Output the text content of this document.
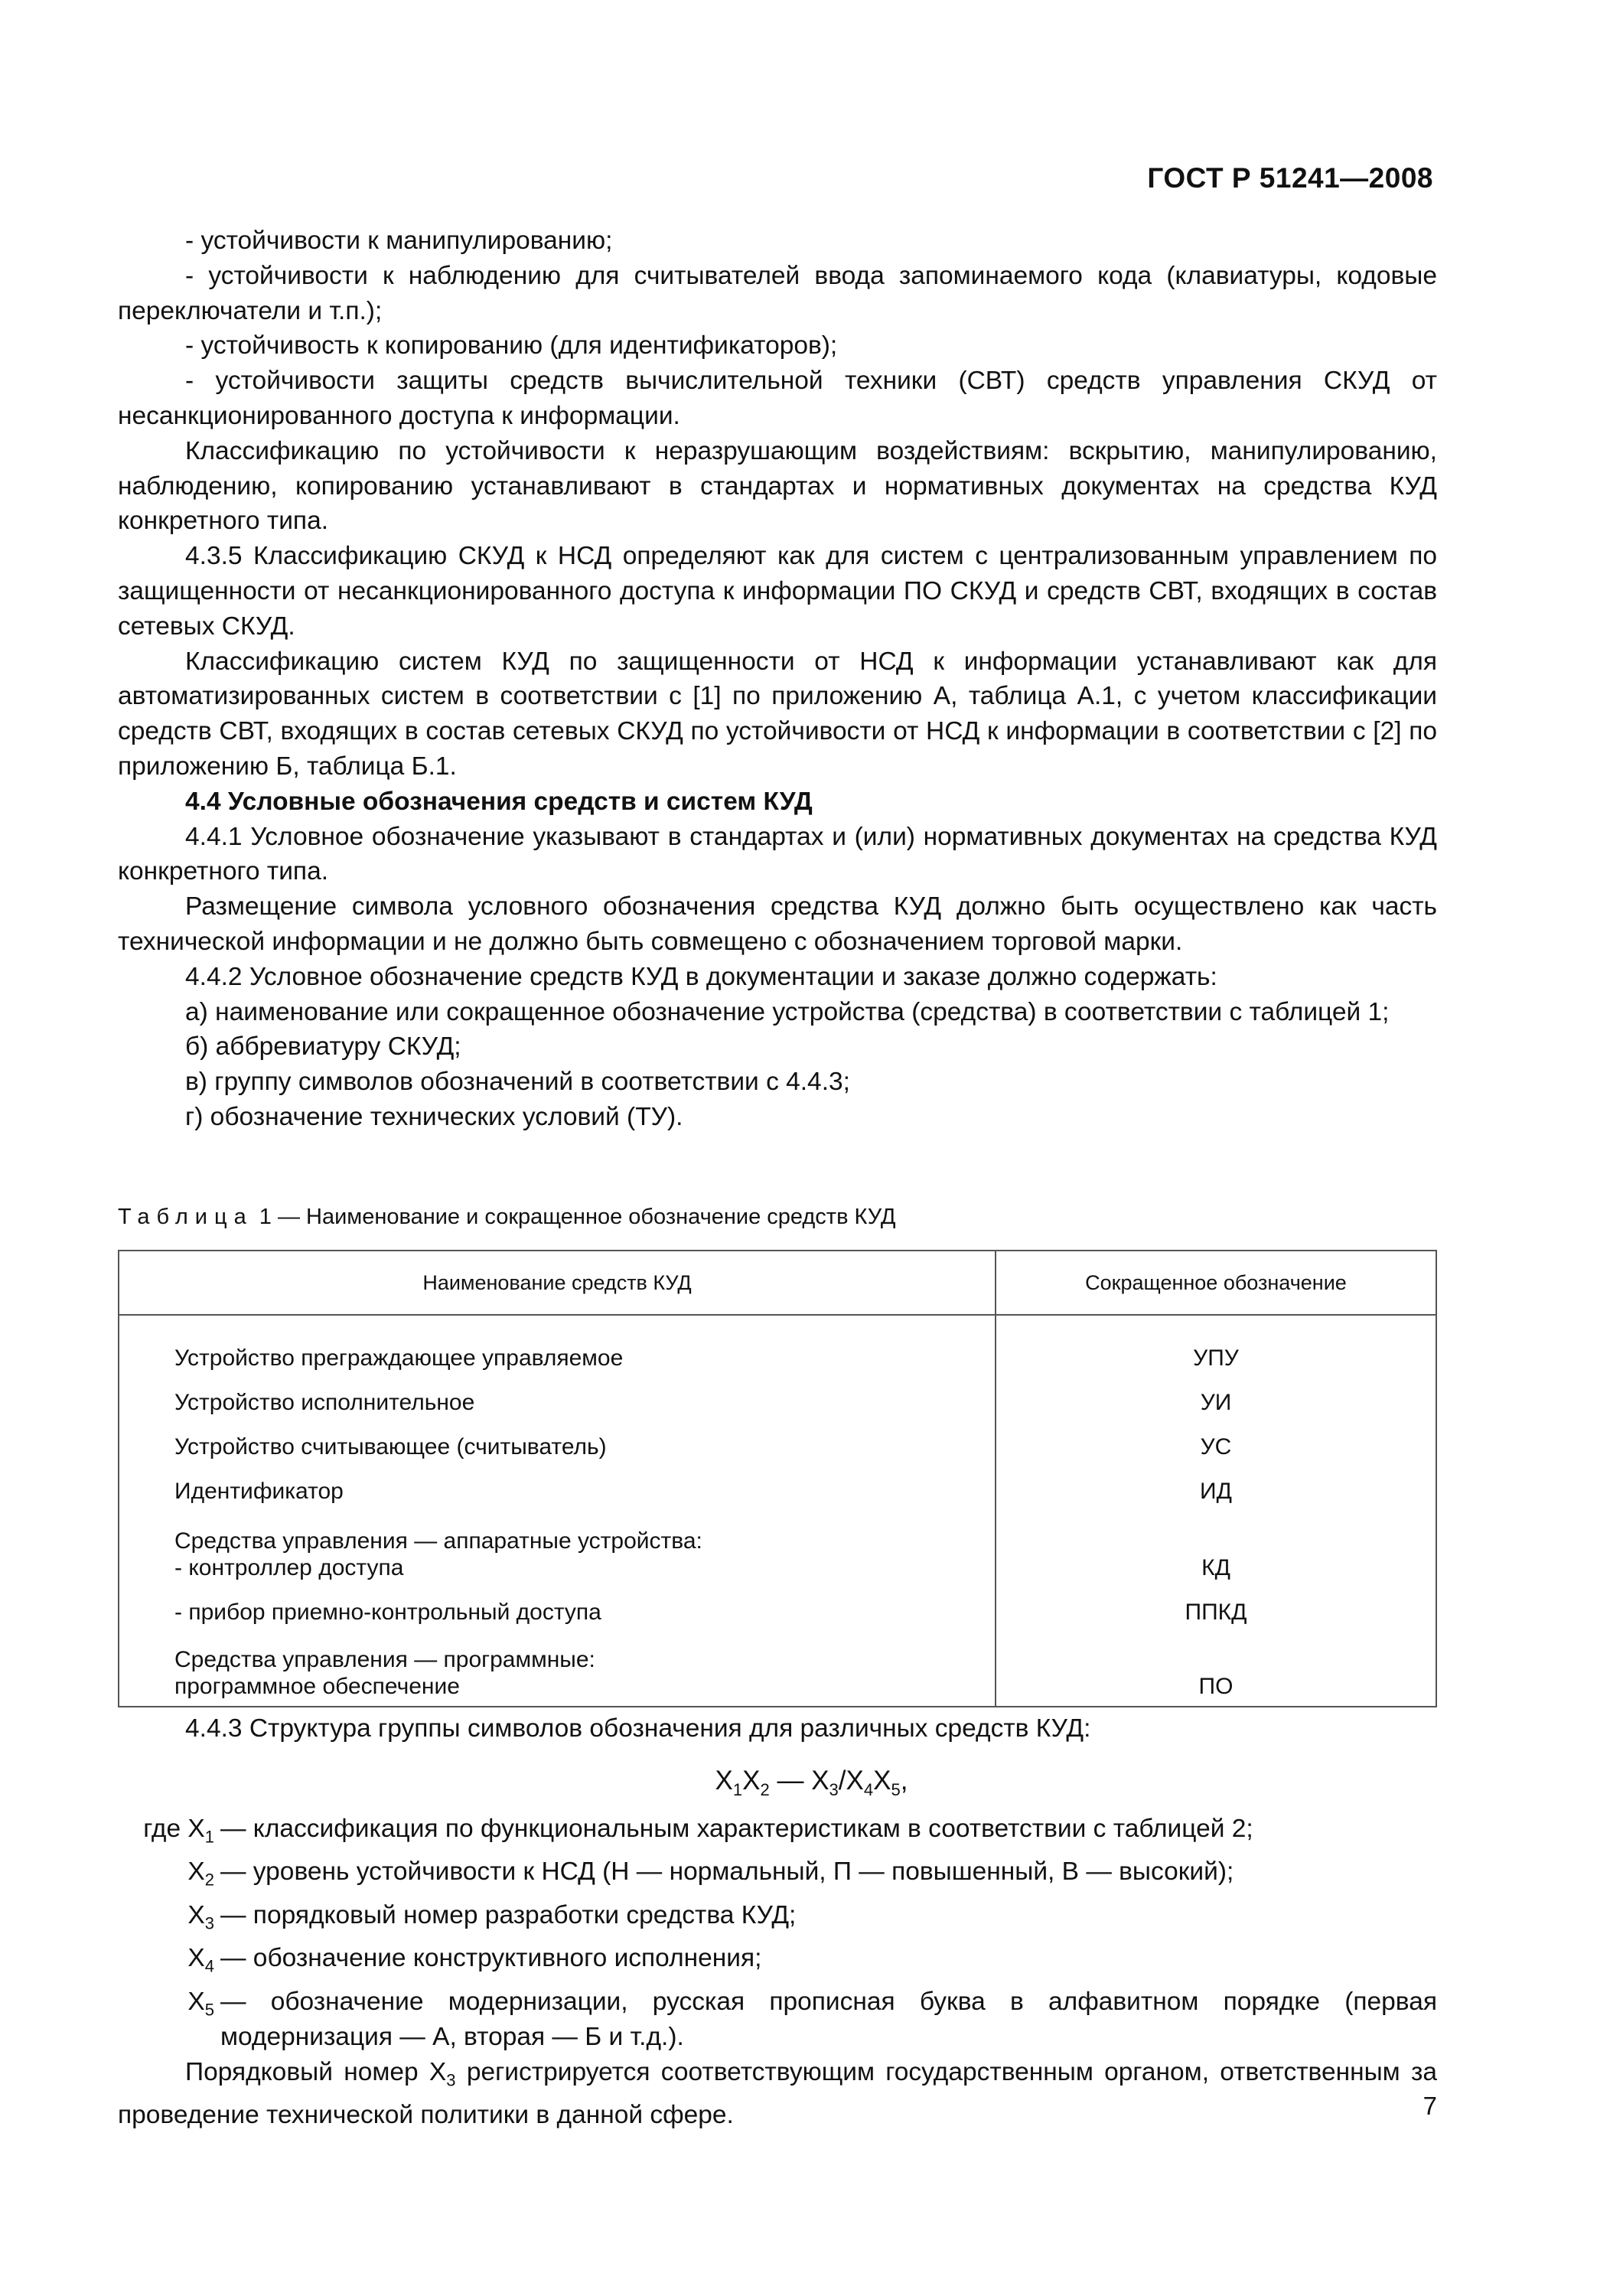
ГОСТ Р 51241—2008

- устойчивости к манипулированию;

- устойчивости к наблюдению для считывателей ввода запоминаемого кода (клавиатуры, кодовые переключатели и т.п.);

- устойчивость к копированию (для идентификаторов);

- устойчивости защиты средств вычислительной техники (СВТ) средств управления СКУД от несанкционированного доступа к информации.

Классификацию по устойчивости к неразрушающим воздействиям: вскрытию, манипулированию, наблюдению, копированию устанавливают в стандартах и нормативных документах на средства КУД конкретного типа.

4.3.5 Классификацию СКУД к НСД определяют как для систем с централизованным управлением по защищенности от несанкционированного доступа к информации ПО СКУД и средств СВТ, входящих в состав сетевых СКУД.

Классификацию систем КУД по защищенности от НСД к информации устанавливают как для автоматизированных систем в соответствии с [1] по приложению А, таблица А.1, с учетом классификации средств СВТ, входящих в состав сетевых СКУД по устойчивости от НСД к информации в соответствии с [2] по приложению Б, таблица Б.1.

4.4 Условные обозначения средств и систем КУД

4.4.1 Условное обозначение указывают в стандартах и (или) нормативных документах на средства КУД конкретного типа.

Размещение символа условного обозначения средства КУД должно быть осуществлено как часть технической информации и не должно быть совмещено с обозначением торговой марки.

4.4.2 Условное обозначение средств КУД в документации и заказе должно содержать:

а) наименование или сокращенное обозначение устройства (средства) в соответствии с таблицей 1;

б) аббревиатуру СКУД;

в) группу символов обозначений в соответствии с 4.4.3;

г) обозначение технических условий (ТУ).

Таблица 1 — Наименование и сокращенное обозначение средств КУД
Наименование средств КУД	Сокращенное обозначение
Устройство преграждающее управляемое	УПУ
Устройство исполнительное	УИ
Устройство считывающее (считыватель)	УС
Идентификатор	ИД

Средства управления — аппаратные устройства:
- контроллер доступа	КД
- прибор приемно-контрольный доступа	ППКД

Средства управления — программные:
программное обеспечение	ПО

4.4.3 Структура группы символов обозначения для различных средств КУД:

$X_1X_2$ — $X_3/X_4X_5$,
где $X_1$ — классификация по функциональным характеристикам в соответствии с таблицей 2;
$X_2$ — уровень устойчивости к НСД (Н — нормальный, П — повышенный, В — высокий);
$X_3$ — порядковый номер разработки средства КУД;
$X_4$ — обозначение конструктивного исполнения;
$X_5$ — обозначение модернизации, русская прописная буква в алфавитном порядке (первая модернизация — А, вторая — Б и т.д.).

Порядковый номер $X_3$ регистрируется соответствующим государственным органом, ответственным за проведение технической политики в данной сфере.	7
